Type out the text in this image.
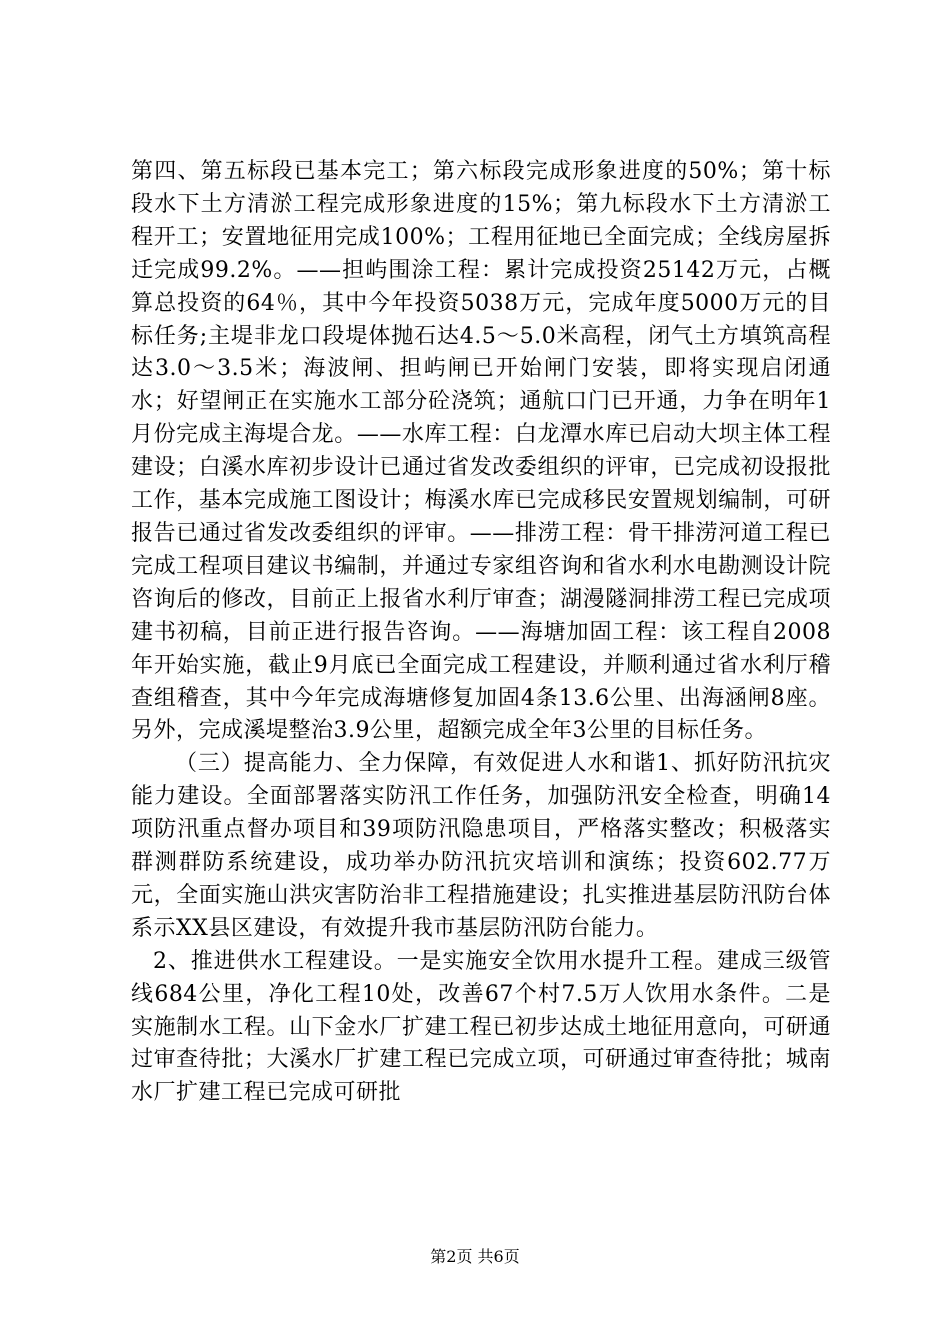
第四、第五标段已基本完工；第六标段完成形象进度的50%；第十标段水下土方清淤工程完成形象进度的15%；第九标段水下土方清淤工程开工；安置地征用完成100%；工程用征地已全面完成；全线房屋拆迁完成99.2%。——担屿围涂工程：累计完成投资25142万元，占概算总投资的64％，其中今年投资5038万元，完成年度5000万元的目标任务;主堤非龙口段堤体抛石达4.5～5.0米高程，闭气土方填筑高程达3.0～3.5米；海波闸、担屿闸已开始闸门安装，即将实现启闭通水；好望闸正在实施水工部分砼浇筑；通航口门已开通，力争在明年1月份完成主海堤合龙。——水库工程：白龙潭水库已启动大坝主体工程建设；白溪水库初步设计已通过省发改委组织的评审，已完成初设报批工作，基本完成施工图设计；梅溪水库已完成移民安置规划编制，可研报告已通过省发改委组织的评审。——排涝工程：骨干排涝河道工程已完成工程项目建议书编制，并通过专家组咨询和省水利水电勘测设计院咨询后的修改，目前正上报省水利厅审查；湖漫隧洞排涝工程已完成项建书初稿，目前正进行报告咨询。——海塘加固工程：该工程自2008年开始实施，截止9月底已全面完成工程建设，并顺利通过省水利厅稽查组稽查，其中今年完成海塘修复加固4条13.6公里、出海涵闸8座。另外，完成溪堤整治3.9公里，超额完成全年3公里的目标任务。

（三）提高能力、全力保障，有效促进人水和谐1、抓好防汛抗灾能力建设。全面部署落实防汛工作任务，加强防汛安全检查，明确14项防汛重点督办项目和39项防汛隐患项目，严格落实整改；积极落实群测群防系统建设，成功举办防汛抗灾培训和演练；投资602.77万元，全面实施山洪灾害防治非工程措施建设；扎实推进基层防汛防台体系示XX县区建设，有效提升我市基层防汛防台能力。

2、推进供水工程建设。一是实施安全饮用水提升工程。建成三级管线684公里，净化工程10处，改善67个村7.5万人饮用水条件。二是实施制水工程。山下金水厂扩建工程已初步达成土地征用意向，可研通过审查待批；大溪水厂扩建工程已完成立项，可研通过审查待批；城南水厂扩建工程已完成可研批

第2页 共6页
